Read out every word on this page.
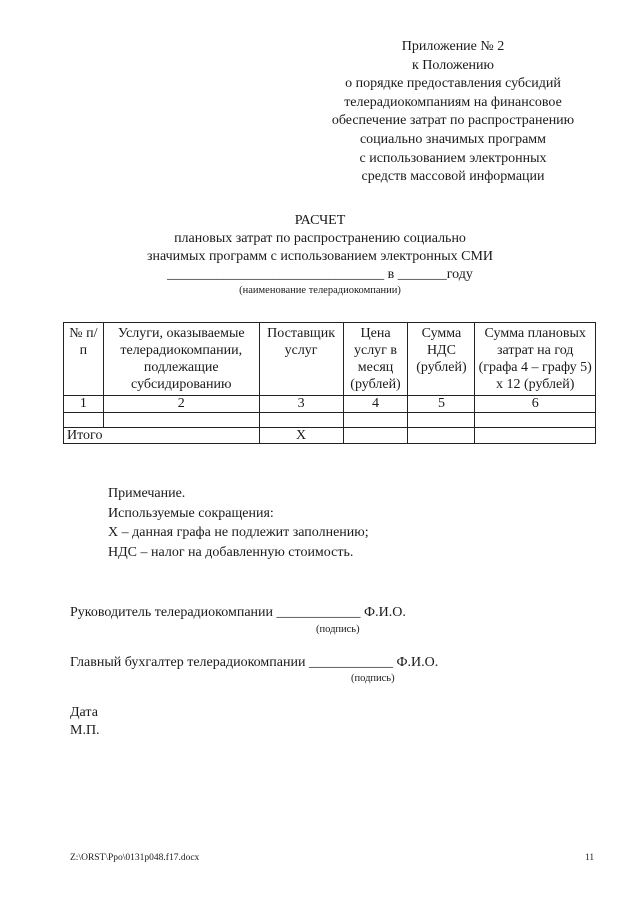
Приложение № 2
к Положению
о порядке предоставления субсидий
телерадиокомпаниям на финансовое
обеспечение затрат по распространению
социально значимых программ
с использованием электронных
средств массовой информации
РАСЧЕТ
плановых затрат по распространению социально
значимых программ с использованием электронных СМИ
_______________________________ в _______году
(наименование телерадиокомпании)
№ п/п	Услуги, оказываемые телерадиокомпании, подлежащие субсидированию	Поставщик услуг	Цена услуг в месяц (рублей)	Сумма НДС (рублей)	Сумма плановых затрат на год (графа 4 – графу 5) х 12 (рублей)
1	2	3	4	5	6

Итого		Х			
Примечание.
Используемые сокращения:
Х – данная графа не подлежит заполнению;
НДС – налог на добавленную стоимость.
Руководитель телерадиокомпании ____________ Ф.И.О.
(подпись)
Главный бухгалтер телерадиокомпании ____________ Ф.И.О.
(подпись)
Дата
М.П.
Z:\ORST\Ppo\0131p048.f17.docx	11
